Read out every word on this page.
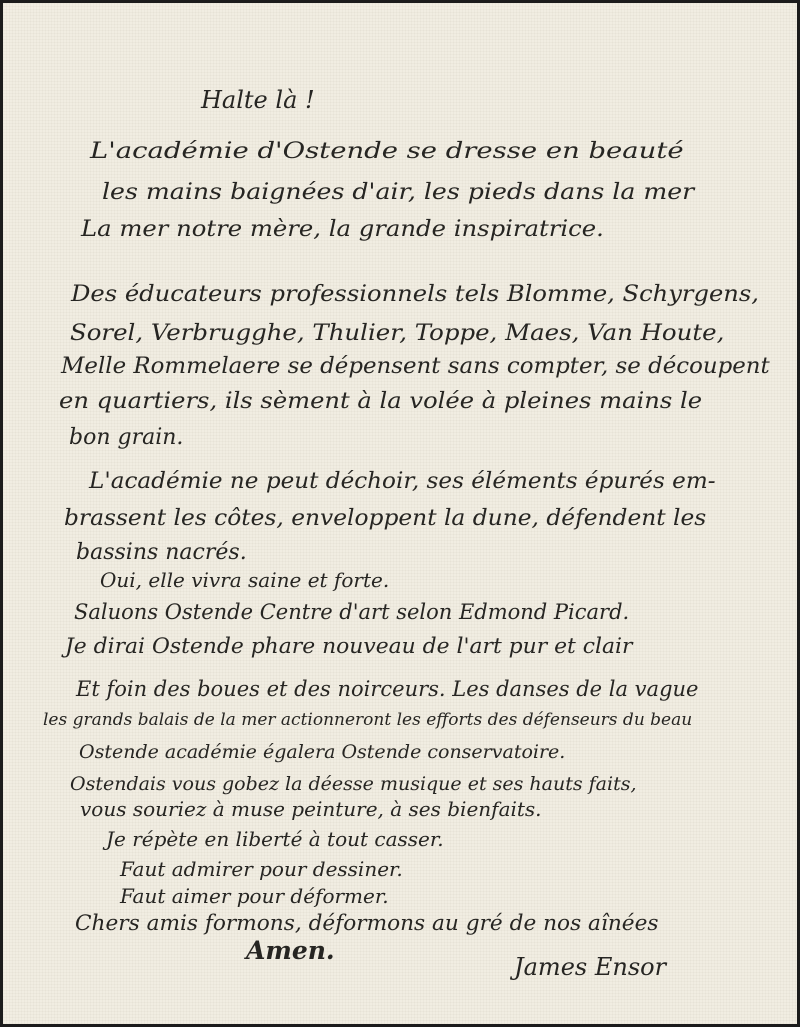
Halte là !

L'académie d'Ostende se dresse en beauté

les mains baignées d'air, les pieds dans la mer

La mer notre mère, la grande inspiratrice.

Des éducateurs professionnels tels Blomme, Schyrgens,

Sorel, Verbrugghe, Thulier, Toppe, Maes, Van Houte,

Melle Rommelaere se dépensent sans compter, se découpent

en quartiers, ils sèment à la volée à pleines mains le

bon grain.

L'académie ne peut déchoir, ses éléments épurés em-

brassent les côtes, enveloppent la dune, défendent les

bassins nacrés.

Oui, elle vivra saine et forte.

Saluons Ostende Centre d'art selon Edmond Picard.

Je dirai Ostende phare nouveau de l'art pur et clair

Et foin des boues et des noirceurs. Les danses de la vague

les grands balais de la mer actionneront les efforts des défenseurs du beau

Ostende académie égalera Ostende conservatoire.

Ostendais vous gobez la déesse musique et ses hauts faits,

vous souriez à muse peinture, à ses bienfaits.

Je répète en liberté à tout casser.

Faut admirer pour dessiner.

Faut aimer pour déformer.

Chers amis formons, déformons au gré de nos aînées

Amen.

James Ensor
